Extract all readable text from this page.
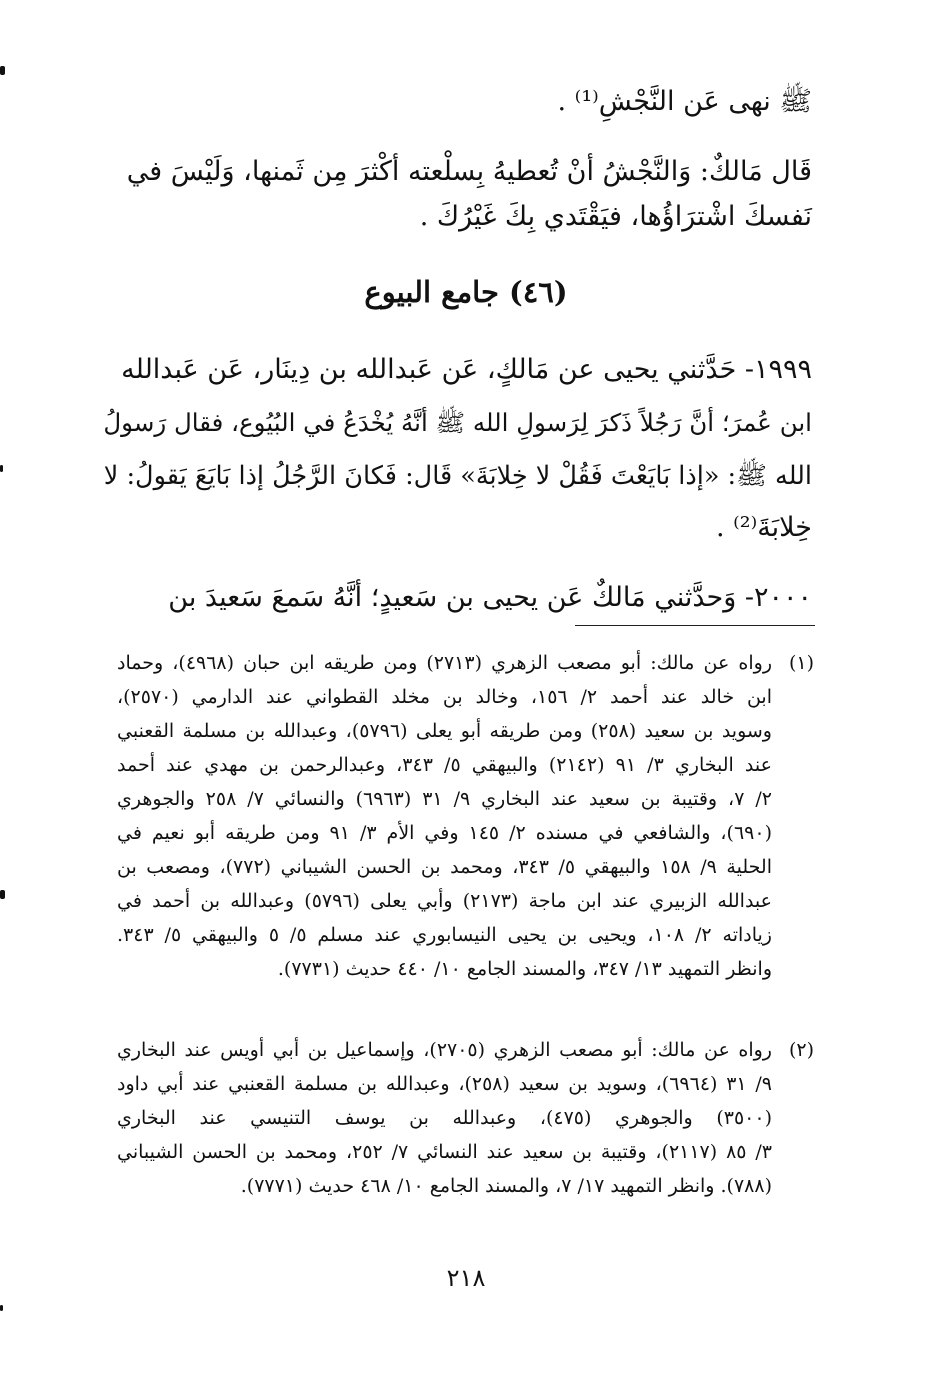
ﷺ نهى عَن النَّجْشِ⁽¹⁾ .
قَال مَالكٌ: وَالنَّجْشُ أنْ تُعطيهُ بِسلْعته أكْثرَ مِن ثَمنها، وَلَيْسَ في
نَفسكَ اشْترَاؤُها، فيَقْتَدي بِكَ غَيْرُكَ .
(٤٦) جامع البيوع
١٩٩٩- حَدَّثني يحيى عن مَالكٍ، عَن عَبدالله بن دِينَار، عَن عَبدالله
ابن عُمرَ؛ أنَّ رَجُلاً ذَكرَ لِرَسولِ الله ﷺ أنَّهُ يُخْدَعُ في البُيُوع، فقال رَسولُ
الله ﷺ: «إذا بَايَعْتَ فَقُلْ لا خِلابَةَ» قَال: فَكانَ الرَّجُلُ إذا بَايَعَ يَقولُ: لا
خِلابَةَ⁽²⁾ .
٢٠٠٠- وَحدَّثني مَالكٌ عَن يحيى بن سَعيدٍ؛ أنَّهُ سَمعَ سَعيدَ بن
(١)
رواه عن مالك: أبو مصعب الزهري (٢٧١٣) ومن طريقه ابن حبان (٤٩٦٨)، وحماد
ابن خالد عند أحمد ٢/ ١٥٦، وخالد بن مخلد القطواني عند الدارمي (٢٥٧٠)،
وسويد بن سعيد (٢٥٨) ومن طريقه أبو يعلى (٥٧٩٦)، وعبدالله بن مسلمة القعنبي
عند البخاري ٣/ ٩١ (٢١٤٢) والبيهقي ٥/ ٣٤٣، وعبدالرحمن بن مهدي عند أحمد
٢/ ٧، وقتيبة بن سعيد عند البخاري ٩/ ٣١ (٦٩٦٣) والنسائي ٧/ ٢٥٨ والجوهري
(٦٩٠)، والشافعي في مسنده ٢/ ١٤٥ وفي الأم ٣/ ٩١ ومن طريقه أبو نعيم في
الحلية ٩/ ١٥٨ والبيهقي ٥/ ٣٤٣، ومحمد بن الحسن الشيباني (٧٧٢)، ومصعب بن
عبدالله الزبيري عند ابن ماجة (٢١٧٣) وأبي يعلى (٥٧٩٦) وعبدالله بن أحمد في
زياداته ٢/ ١٠٨، ويحيى بن يحيى النيسابوري عند مسلم ٥/ ٥ والبيهقي ٥/ ٣٤٣.
وانظر التمهيد ١٣/ ٣٤٧، والمسند الجامع ١٠/ ٤٤٠ حديث (٧٧٣١).
(٢)
رواه عن مالك: أبو مصعب الزهري (٢٧٠٥)، وإسماعيل بن أبي أويس عند البخاري
٩/ ٣١ (٦٩٦٤)، وسويد بن سعيد (٢٥٨)، وعبدالله بن مسلمة القعنبي عند أبي داود
(٣٥٠٠) والجوهري (٤٧٥)، وعبدالله بن يوسف التنيسي عند البخاري
٣/ ٨٥ (٢١١٧)، وقتيبة بن سعيد عند النسائي ٧/ ٢٥٢، ومحمد بن الحسن الشيباني
(٧٨٨). وانظر التمهيد ١٧/ ٧، والمسند الجامع ١٠/ ٤٦٨ حديث (٧٧٧١).
٢١٨
